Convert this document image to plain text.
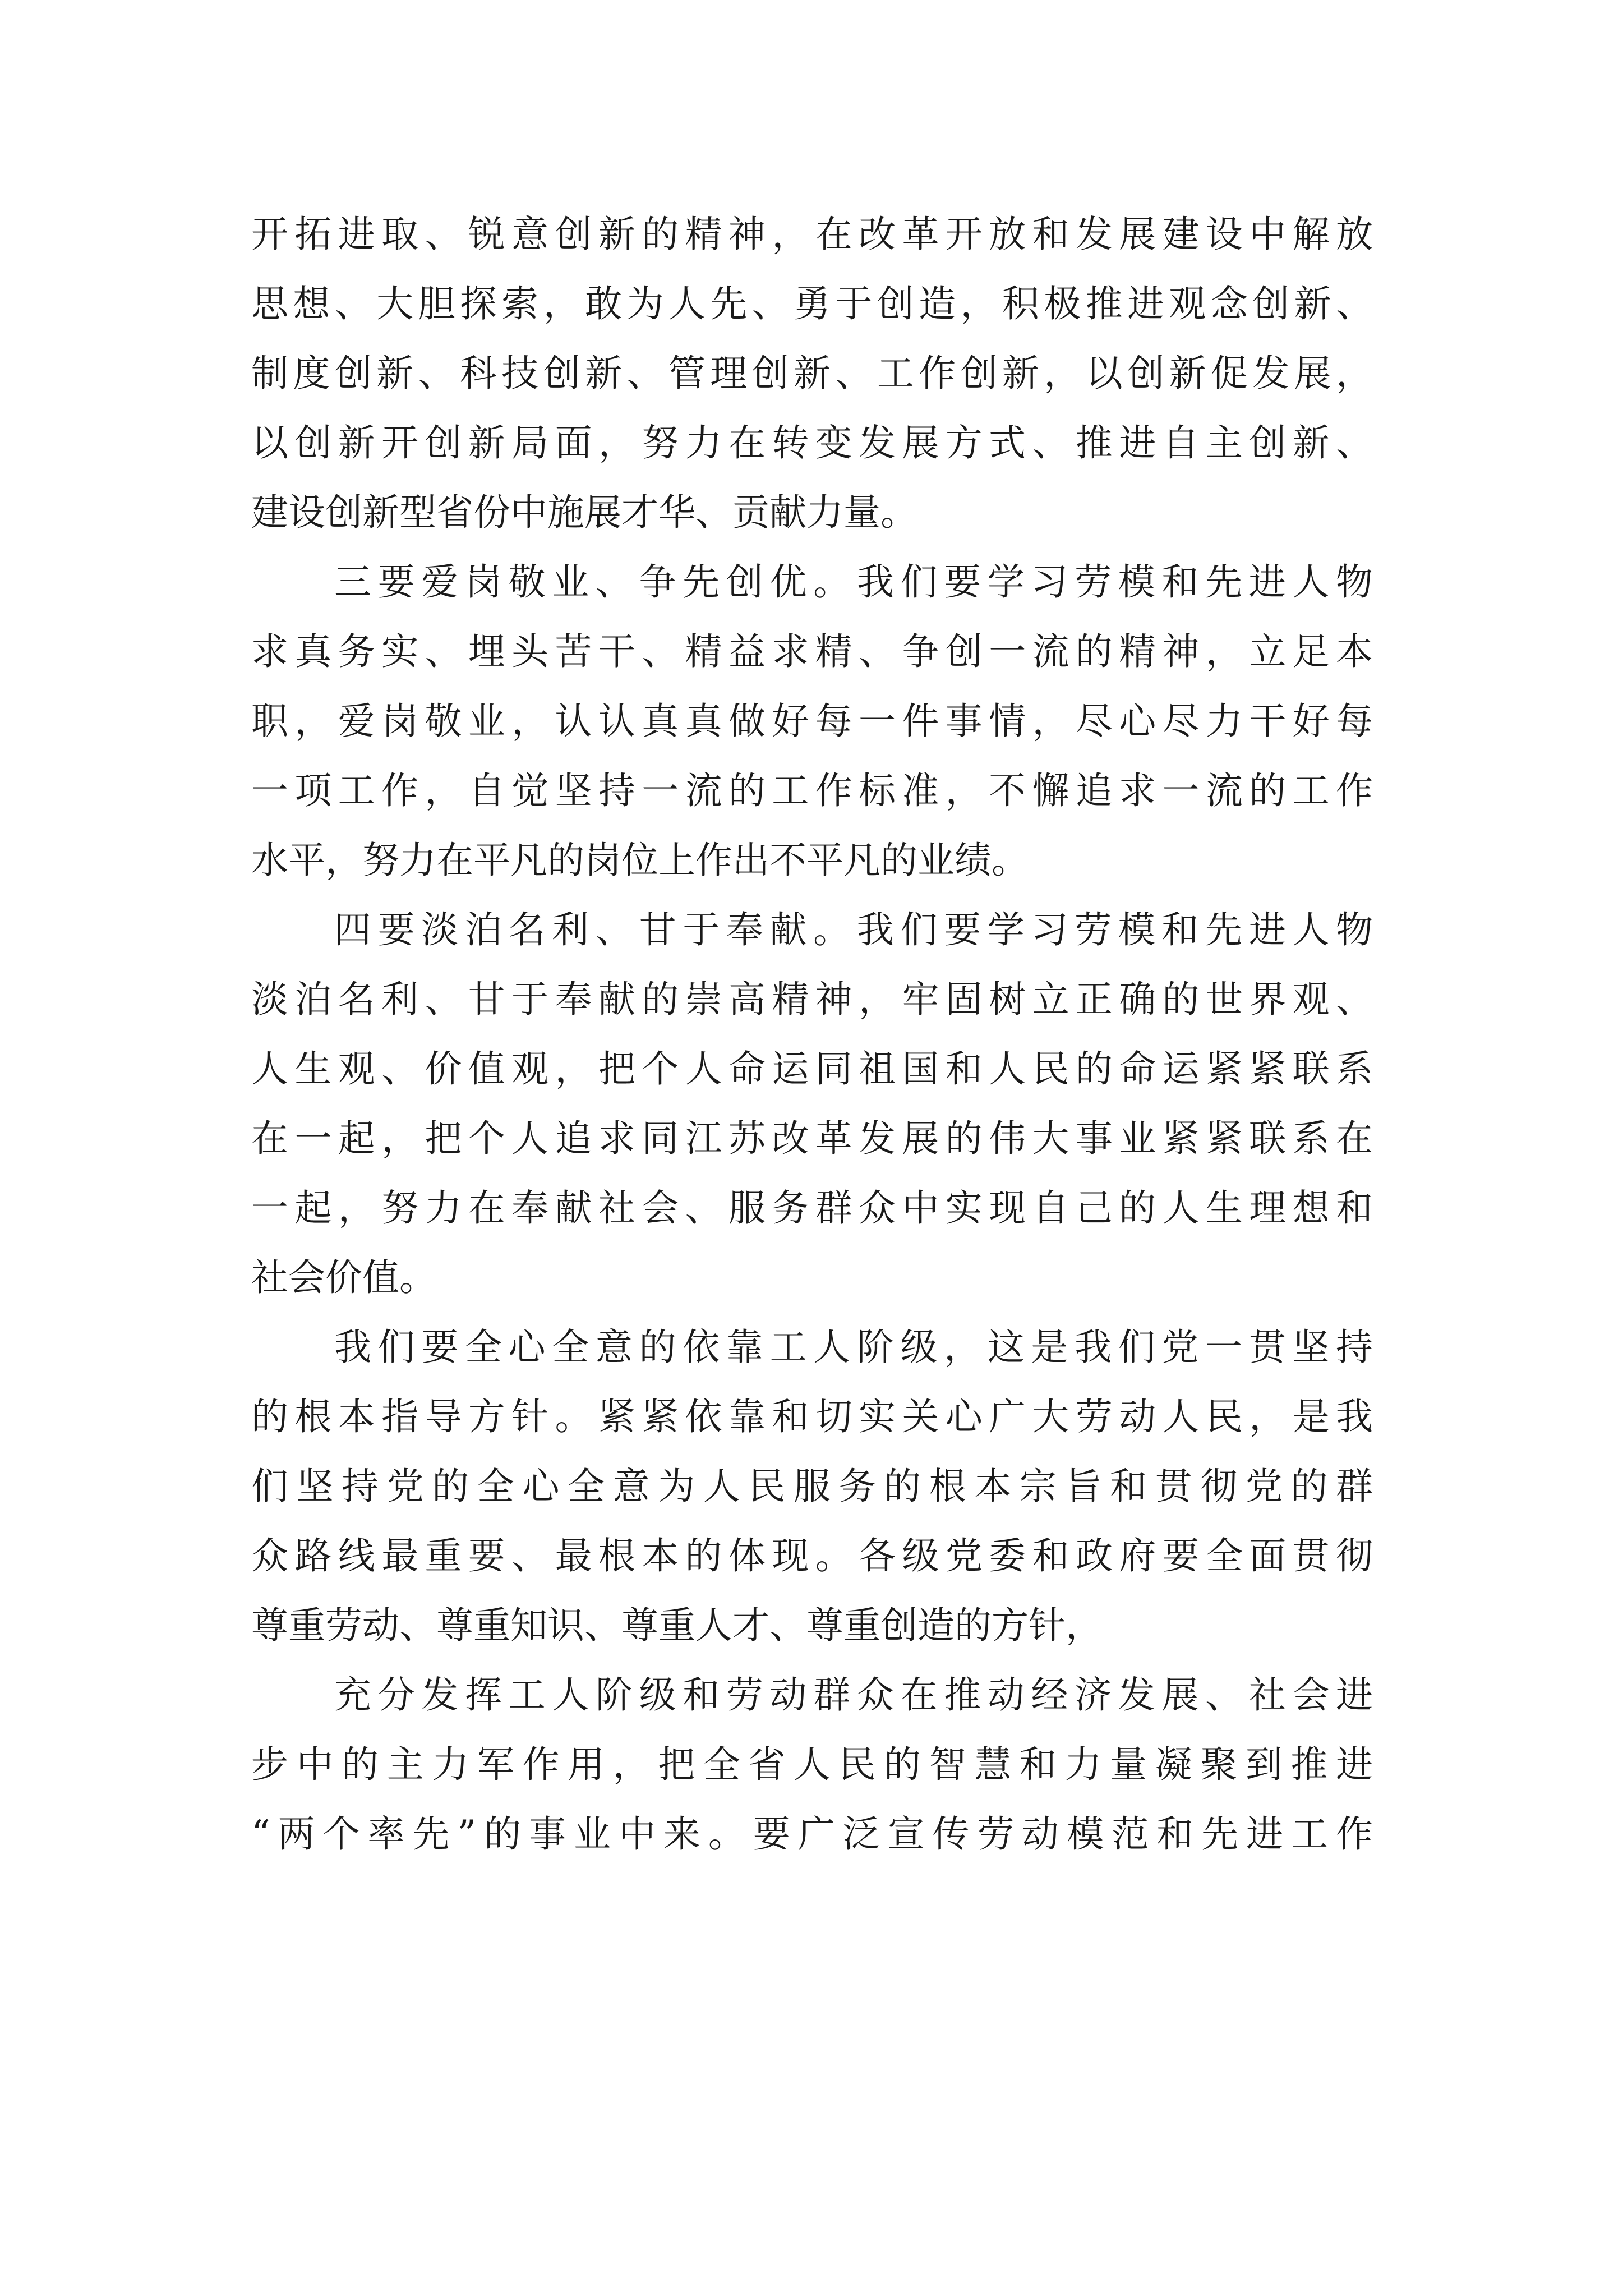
开拓进取、锐意创新的精神，在改革开放和发展建设中解放
思想、大胆探索，敢为人先、勇于创造，积极推进观念创新、
制度创新、科技创新、管理创新、工作创新，以创新促发展，
以创新开创新局面，努力在转变发展方式、推进自主创新、
建设创新型省份中施展才华、贡献力量。
三要爱岗敬业、争先创优。我们要学习劳模和先进人物
求真务实、埋头苦干、精益求精、争创一流的精神，立足本
职，爱岗敬业，认认真真做好每一件事情，尽心尽力干好每
一项工作，自觉坚持一流的工作标准，不懈追求一流的工作
水平，努力在平凡的岗位上作出不平凡的业绩。
四要淡泊名利、甘于奉献。我们要学习劳模和先进人物
淡泊名利、甘于奉献的崇高精神，牢固树立正确的世界观、
人生观、价值观，把个人命运同祖国和人民的命运紧紧联系
在一起，把个人追求同江苏改革发展的伟大事业紧紧联系在
一起，努力在奉献社会、服务群众中实现自己的人生理想和
社会价值。
我们要全心全意的依靠工人阶级，这是我们党一贯坚持
的根本指导方针。紧紧依靠和切实关心广大劳动人民，是我
们坚持党的全心全意为人民服务的根本宗旨和贯彻党的群
众路线最重要、最根本的体现。各级党委和政府要全面贯彻
尊重劳动、尊重知识、尊重人才、尊重创造的方针，
充分发挥工人阶级和劳动群众在推动经济发展、社会进
步中的主力军作用，把全省人民的智慧和力量凝聚到推进
“两个率先”的事业中来。要广泛宣传劳动模范和先进工作
